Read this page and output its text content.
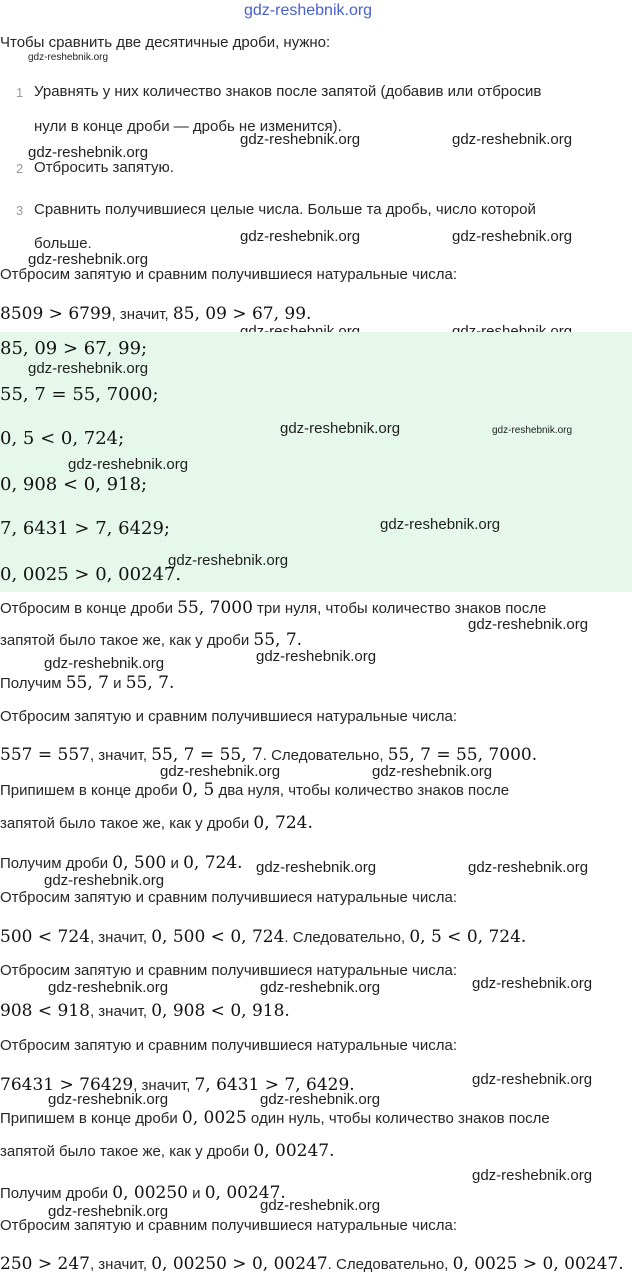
gdz-reshebnik.org
Чтобы сравнить две десятичные дроби, нужно:
gdz-reshebnik.org
1 Уравнять у них количество знаков после запятой (добавив или отбросив
нули в конце дроби — дробь не изменится).
gdz-reshebnik.org	gdz-reshebnik.org
gdz-reshebnik.org
2 Отбросить запятую.
3 Сравнить получившиеся целые числа. Больше та дробь, число которой
больше.	gdz-reshebnik.org	gdz-reshebnik.org
gdz-reshebnik.org
Отбросим запятую и сравним получившиеся натуральные числа:
8509 > 6799, значит, 85, 09 > 67, 99.
85, 09 > 67, 99;
gdz-reshebnik.org
55, 7 = 55, 7000;
0, 5 < 0, 724;	gdz-reshebnik.org	gdz-reshebnik.org
gdz-reshebnik.org
0, 908 < 0, 918;
gdz-reshebnik.org
7, 6431 > 7, 6429;
gdz-reshebnik.org
0, 0025 > 0, 00247.
Отбросим в конце дроби 55, 7000 три нуля, чтобы количество знаков после
gdz-reshebnik.org
запятой было такое же, как у дроби 55, 7.
gdz-reshebnik.org
gdz-reshebnik.org
Получим 55, 7 и 55, 7.
Отбросим запятую и сравним получившиеся натуральные числа:
557 = 557, значит, 55, 7 = 55, 7. Следовательно, 55, 7 = 55, 7000.
gdz-reshebnik.org	gdz-reshebnik.org
Припишем в конце дроби 0, 5 два нуля, чтобы количество знаков после
запятой было такое же, как у дроби 0, 724.
Получим дроби 0, 500 и 0, 724. gdz-reshebnik.org	gdz-reshebnik.org
gdz-reshebnik.org
Отбросим запятую и сравним получившиеся натуральные числа:
500 < 724, значит, 0, 500 < 0, 724. Следовательно, 0, 5 < 0, 724.
Отбросим запятую и сравним получившиеся натуральные числа:
gdz-reshebnik.org	gdz-reshebnik.org	gdz-reshebnik.org
908 < 918, значит, 0, 908 < 0, 918.
Отбросим запятую и сравним получившиеся натуральные числа:
76431 > 76429, значит, 7, 6431 > 7, 6429.	gdz-reshebnik.org
gdz-reshebnik.org	gdz-reshebnik.org
Припишем в конце дроби 0, 0025 один нуль, чтобы количество знаков после
запятой было такое же, как у дроби 0, 00247.
gdz-reshebnik.org
Получим дроби 0, 00250 и 0, 00247.
gdz-reshebnik.org
gdz-reshebnik.org
Отбросим запятую и сравним получившиеся натуральные числа:
250 > 247, значит, 0, 00250 > 0, 00247. Следовательно, 0, 0025 > 0, 00247.
